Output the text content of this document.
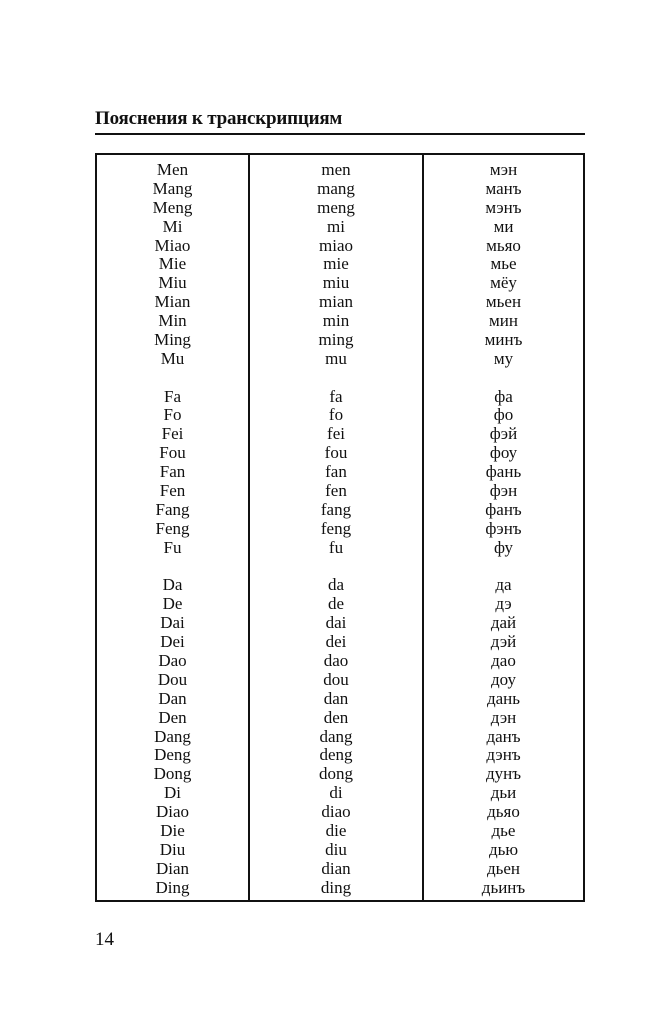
Пояснения к транскрипциям
Men
Mang
Meng
Mi
Miao
Mie
Miu
Mian
Min
Ming
Mu
Fa
Fo
Fei
Fou
Fan
Fen
Fang
Feng
Fu
Da
De
Dai
Dei
Dao
Dou
Dan
Den
Dang
Deng
Dong
Di
Diao
Die
Diu
Dian
Ding
men
mang
meng
mi
miao
mie
miu
mian
min
ming
mu
fa
fo
fei
fou
fan
fen
fang
feng
fu
da
de
dai
dei
dao
dou
dan
den
dang
deng
dong
di
diao
die
diu
dian
ding
мэн
манъ
мэнъ
ми
мьяо
мье
мёу
мьен
мин
минъ
му
фа
фо
фэй
фоу
фань
фэн
фанъ
фэнъ
фу
да
дэ
дай
дэй
дао
доу
дань
дэн
данъ
дэнъ
дунъ
дьи
дьяо
дье
дью
дьен
дьинъ
14
